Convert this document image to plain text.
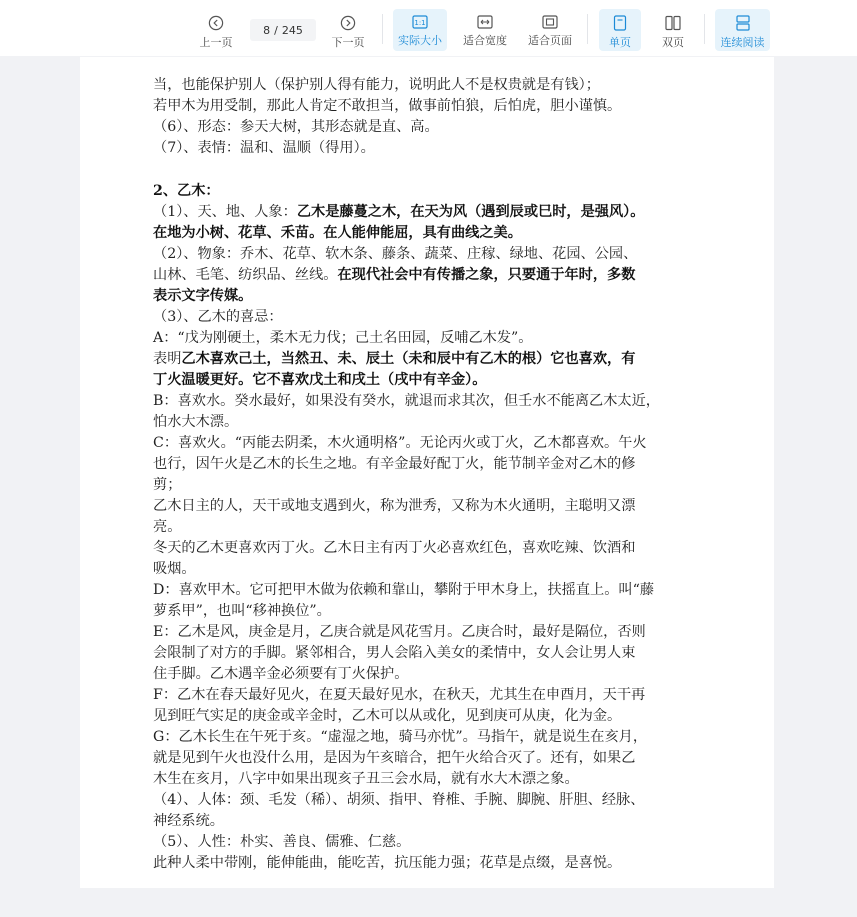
上一页
8 / 245
下一页
1:1
实际大小 适合宽度 适合页面	单页	双页	连续阅读
当，也能保护别人（保护别人得有能力，说明此人不是权贵就是有钱）；
若甲木为用受制，那此人肯定不敢担当，做事前怕狼，后怕虎，胆小谨慎。
（6）、形态：参天大树，其形态就是直、高。
（7）、表情：温和、温顺（得用）。
2、乙木：
（1）、天、地、人象：乙木是藤蔓之木，在天为风（遇到辰或巳时，是强风）。
在地为小树、花草、禾苗。在人能伸能屈，具有曲线之美。
（2）、物象：乔木、花草、软木条、藤条、蔬菜、庄稼、绿地、花园、公园、
山林、毛笔、纺织品、丝线。在现代社会中有传播之象，只要通于年时，多数
表示文字传媒。
（3）、乙木的喜忌：
A：“戊为刚硬土，柔木无力伐；己土名田园，反哺乙木发”。
表明乙木喜欢己土，当然丑、未、辰土（未和辰中有乙木的根）它也喜欢，有
丁火温暖更好。它不喜欢戊土和戌土（戌中有辛金）。
B：喜欢水。癸水最好，如果没有癸水，就退而求其次，但壬水不能离乙木太近，
怕水大木漂。
C：喜欢火。“丙能去阴柔，木火通明格”。无论丙火或丁火，乙木都喜欢。午火
也行，因午火是乙木的长生之地。有辛金最好配丁火，能节制辛金对乙木的修
剪；
乙木日主的人，天干或地支遇到火，称为泄秀，又称为木火通明，主聪明又漂
亮。
冬天的乙木更喜欢丙丁火。乙木日主有丙丁火必喜欢红色，喜欢吃辣、饮酒和
吸烟。
D：喜欢甲木。它可把甲木做为依赖和靠山，攀附于甲木身上，扶摇直上。叫“藤
萝系甲”，也叫“移神换位”。
E：乙木是风，庚金是月，乙庚合就是风花雪月。乙庚合时，最好是隔位，否则
会限制了对方的手脚。紧邻相合，男人会陷入美女的柔情中，女人会让男人束
住手脚。乙木遇辛金必须要有丁火保护。
F：乙木在春天最好见火，在夏天最好见水，在秋天，尤其生在申酉月，天干再
见到旺气实足的庚金或辛金时，乙木可以从或化，见到庚可从庚，化为金。
G：乙木长生在午死于亥。“虚湿之地，骑马亦忧”。马指午，就是说生在亥月，
就是见到午火也没什么用，是因为午亥暗合，把午火给合灭了。还有，如果乙
木生在亥月，八字中如果出现亥子丑三会水局，就有水大木漂之象。
（4）、人体：颈、毛发（稀）、胡须、指甲、脊椎、手腕、脚腕、肝胆、经脉、
神经系统。
（5）、人性：朴实、善良、儒雅、仁慈。
此种人柔中带刚，能伸能曲，能吃苦，抗压能力强；花草是点缀，是喜悦。
